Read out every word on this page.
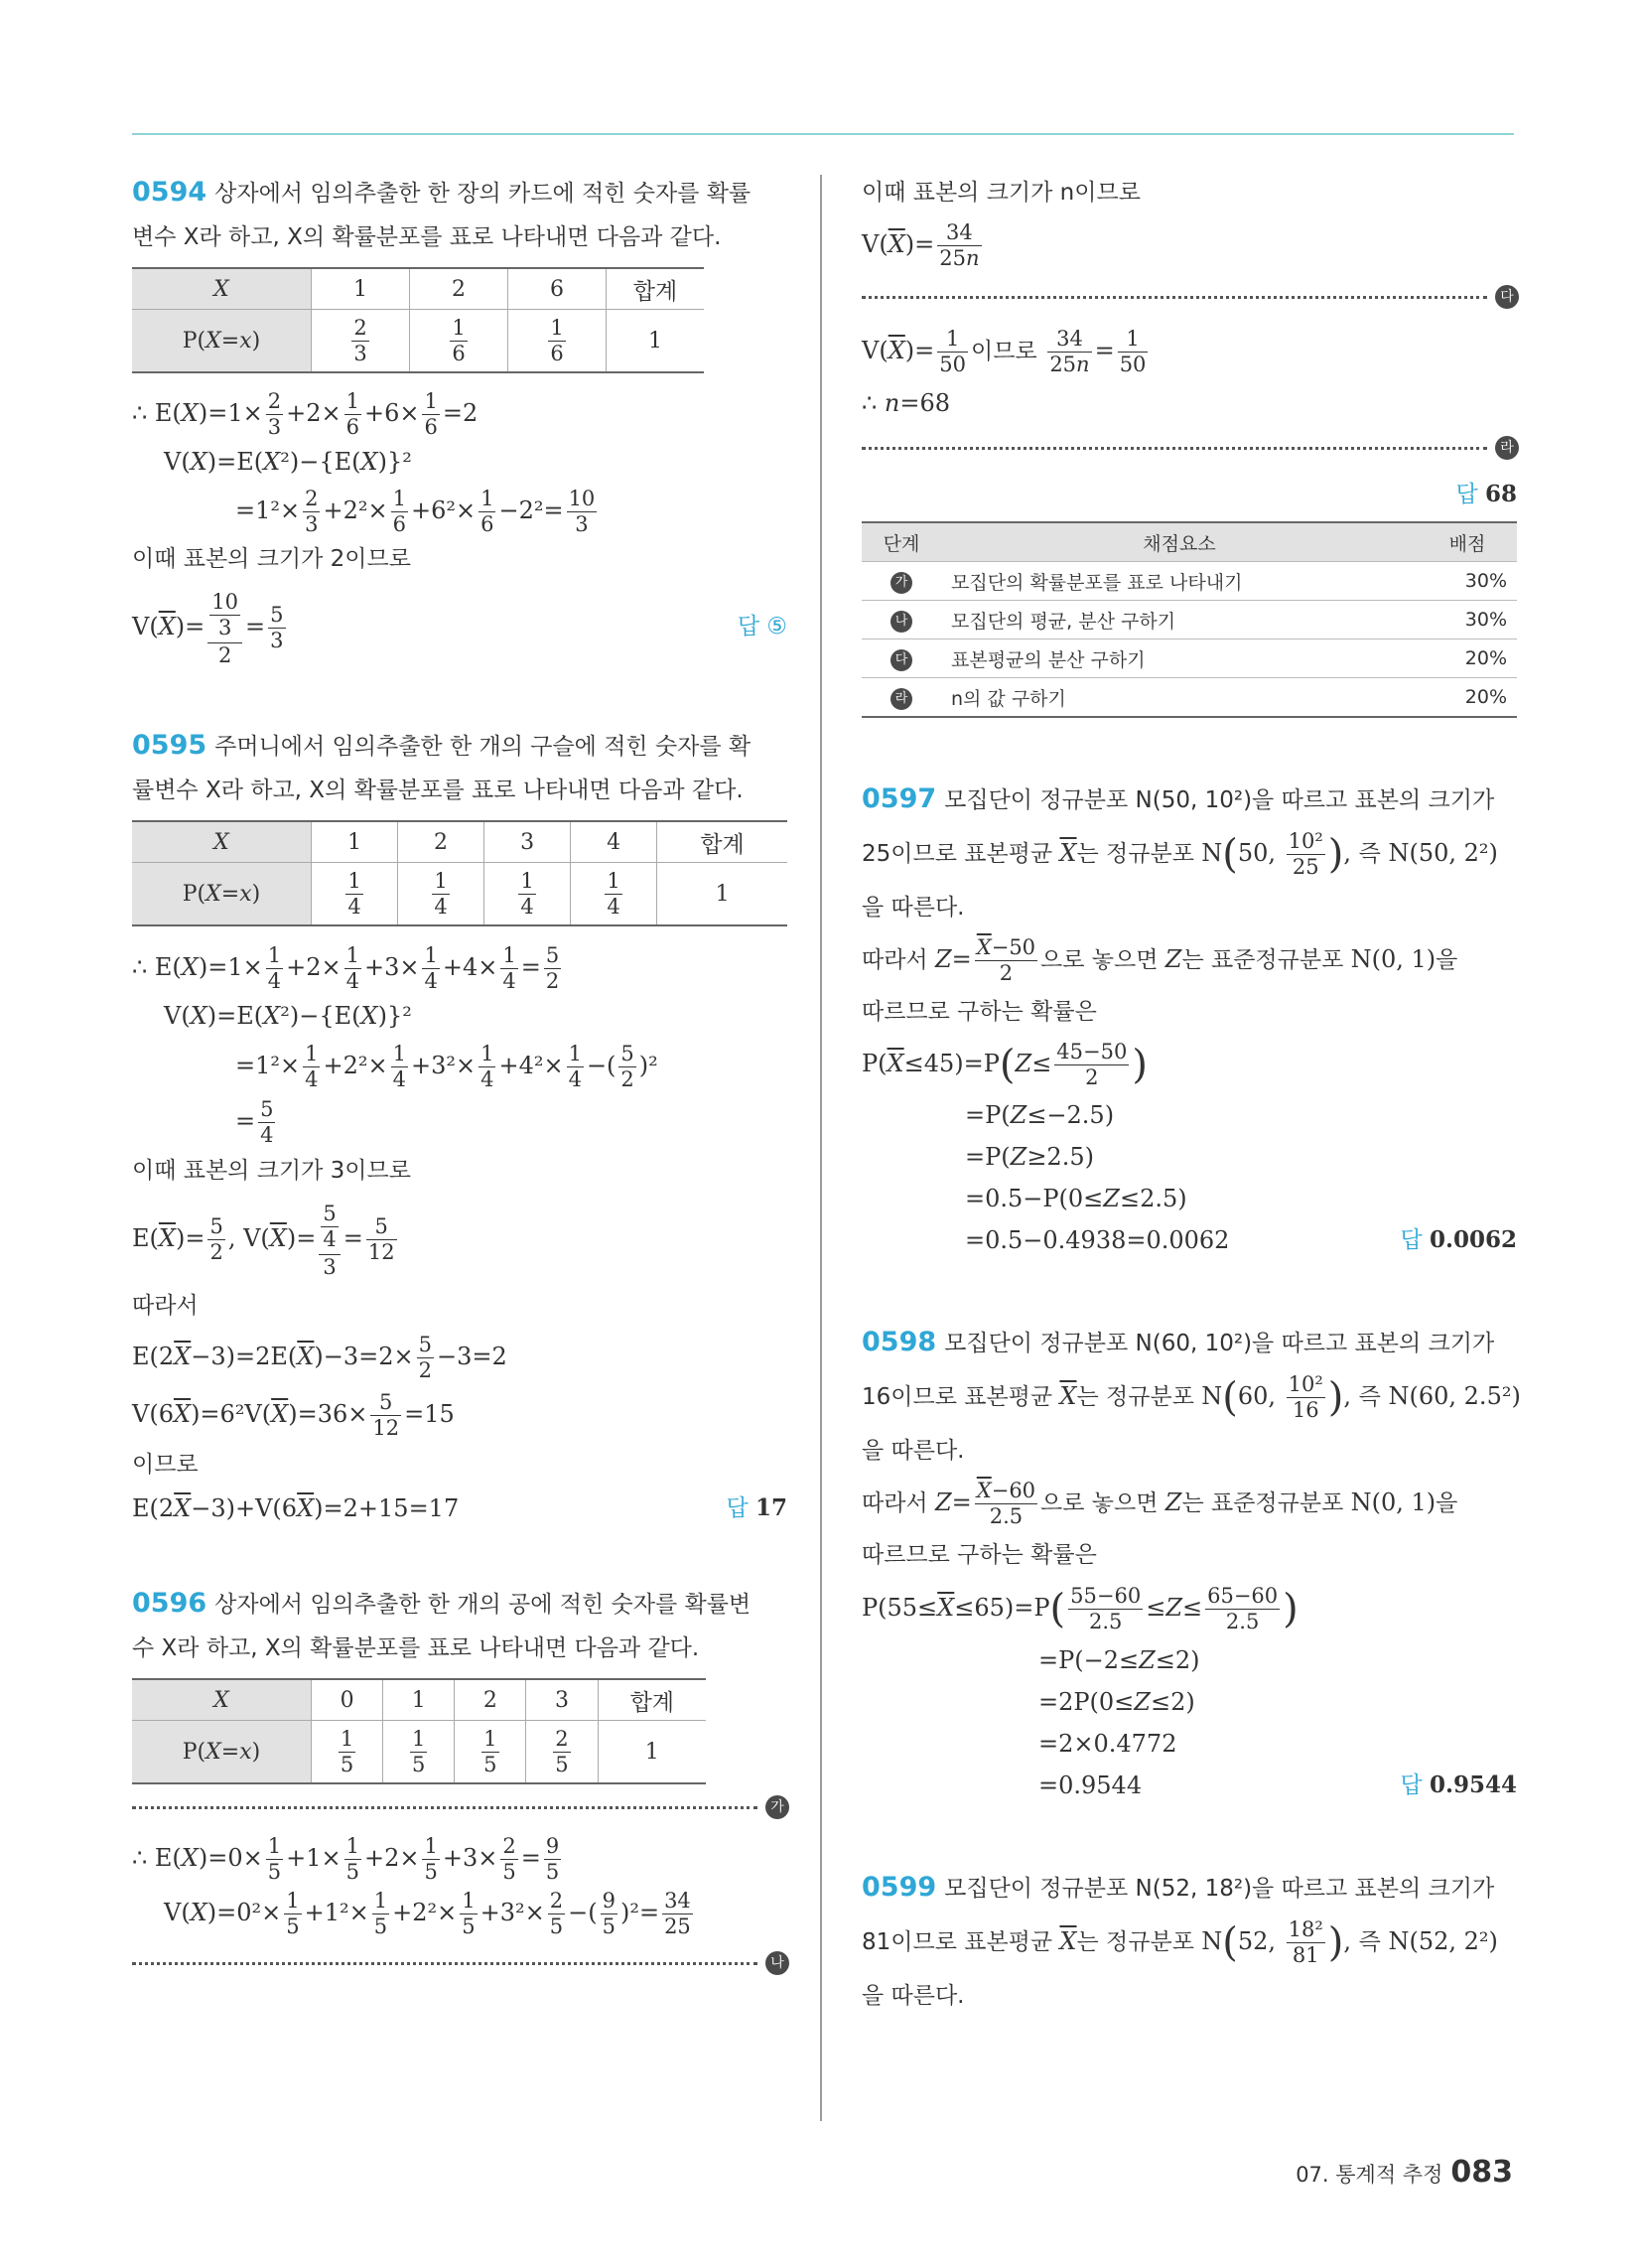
0594 상자에서 임의추출한 한 장의 카드에 적힌 숫자를 확률
변수 X라 하고, X의 확률분포를 표로 나타내면 다음과 같다.
X	1	2	6	합계
P(X=x)	$\frac{2}{3}$	$\frac{1}{6}$	$\frac{1}{6}$	1
∴ $E(X)=1\times \frac{2}{3} +2\times \frac{1}{6} +6\times \frac{1}{6} =2$
V(X)=E(X²)−{E(X)}²
$=1^2\times \frac{2}{3} +2^2\times \frac{1}{6} +6^2\times \frac{1}{6} -2^2= \frac{10}{3}$
이때 표본의 크기가 2이므로
$V(\overline{X})= \frac{\frac{10}{3}}{2} = \frac{5}{3}$	답 ⑤
0595 주머니에서 임의추출한 한 개의 구슬에 적힌 숫자를 확
률변수 X라 하고, X의 확률분포를 표로 나타내면 다음과 같다.
X	1	2	3	4	합계
P(X=x)	$\frac{1}{4}$	$\frac{1}{4}$	$\frac{1}{4}$	$\frac{1}{4}$	1
∴ $E(X)=1\times \frac{1}{4} +2\times \frac{1}{4} +3\times \frac{1}{4} +4\times \frac{1}{4} = \frac{5}{2}$
V(X)=E(X²)−{E(X)}²
$=1^2\times \frac{1}{4} +2^2\times \frac{1}{4} +3^2\times \frac{1}{4} +4^2\times \frac{1}{4}$ −( $\frac{5}{2} )^2$
= $\frac{5}{4}$
이때 표본의 크기가 3이므로
$E(\overline{X})= \frac{5}{2}$ , $V(\overline{X})= \frac{\frac{5}{4}}{3} = \frac{5}{12}$
따라서
$E(2\overline{X}-3)=2E(\overline{X})-3=2\times \frac{5}{2} -3=2$
$V(6\overline{X})=6^2V(\overline{X})=36\times \frac{5}{12} =15$
이므로
$E(2\overline{X}-3)+V(6\overline{X})=2+15=17$	답 17
0596 상자에서 임의추출한 한 개의 공에 적힌 숫자를 확률변
수 X라 하고, X의 확률분포를 표로 나타내면 다음과 같다.
X	0	1	2	3	합계
P(X=x)	$\frac{1}{5}$	$\frac{1}{5}$	$\frac{1}{5}$	$\frac{2}{5}$	1
가
∴ $E(X)=0\times \frac{1}{5} +1\times \frac{1}{5} +2\times \frac{1}{5} +3\times \frac{2}{5} = \frac{9}{5}$
$V(X)=0^2\times \frac{1}{5} +1^2\times \frac{1}{5} +2^2\times \frac{1}{5} +3^2\times \frac{2}{5}$ −( $\frac{9}{5} )^2= \frac{34}{25}$
나
이때 표본의 크기가 n이므로
$V(\overline{X})= \frac{34}{25n}$
다
$V(\overline{X})= \frac{1}{50}$ 이므로 $\frac{34}{25n} = \frac{1}{50}$
∴ n=68
라
답 68
단계	채점요소	배점
가	모집단의 확률분포를 표로 나타내기	30%
나	모집단의 평균, 분산 구하기	30%
다	표본평균의 분산 구하기	20%
라	n의 값 구하기	20%
0597 모집단이 정규분포 N(50, 10²)을 따르고 표본의 크기가
25이므로 표본평균 $\overline{X}$는 정규분포 N(50, $\frac{\text{10²}}{25}$ ), 즉 N(50, 2²)
을 따른다.
따라서 $Z= \frac{\overline{X}-50}{2}$ 으로 놓으면 Z는 표준정규분포 N(0, 1)을
따르므로 구하는 확률은
$P(\overline{X}\le 45)=P(Z\le \frac{45-50}{2}$ )
=P(Z≤−2.5)
=P(Z≥2.5)
=0.5−P(0≤Z≤2.5)
=0.5−0.4938=0.0062	답 0.0062
0598 모집단이 정규분포 N(60, 10²)을 따르고 표본의 크기가
16이므로 표본평균 $\overline{X}$는 정규분포 N(60, $\frac{\text{10²}}{16}$ ), 즉 N(60, 2.5²)
을 따른다.
따라서 $Z= \frac{\overline{X}-60}{2.5}$ 으로 놓으면 Z는 표준정규분포 N(0, 1)을
따르므로 구하는 확률은
$P(55\le\overline{X}\le 65)=P( \frac{55-60}{2.5} \le Z\le \frac{65-60}{2.5}$ )
=P(−2≤Z≤2)
=2P(0≤Z≤2)
=2×0.4772
=0.9544	답 0.9544
0599 모집단이 정규분포 N(52, 18²)을 따르고 표본의 크기가
81이므로 표본평균 $\overline{X}$는 정규분포 N(52, $\frac{\text{18²}}{81}$ ), 즉 N(52, 2²)
을 따른다.
07. 통계적 추정 083
